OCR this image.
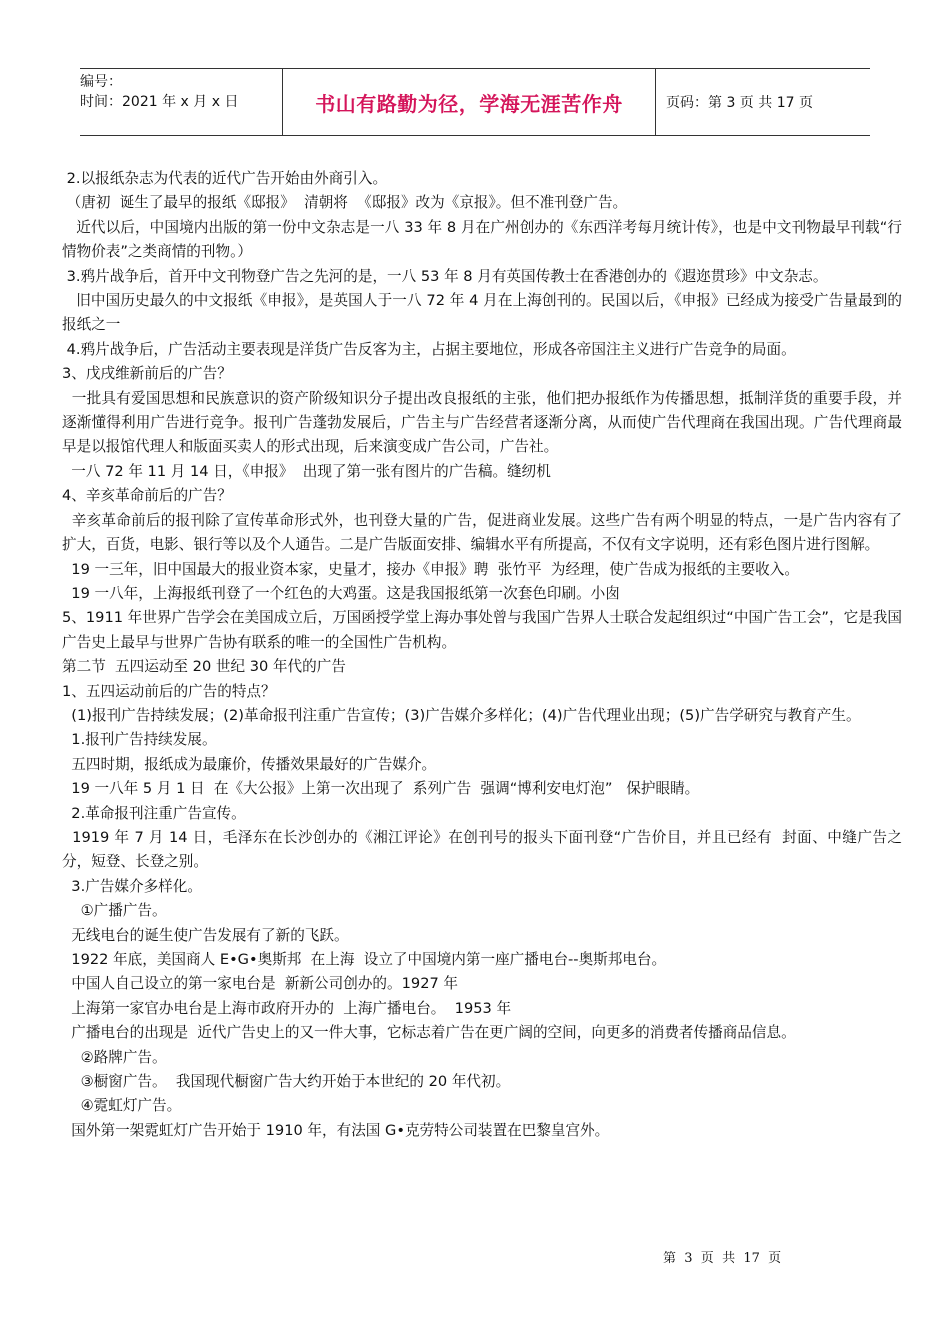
编号：
时间：2021 年 x 月 x 日	书山有路勤为径，学海无涯苦作舟	页码：第 3 页 共 17 页

2.以报纸杂志为代表的近代广告开始由外商引入。

（唐初  诞生了最早的报纸《邸报》  清朝将  《邸报》改为《京报》。但不准刊登广告。

近代以后，中国境内出版的第一份中文杂志是一八 33 年 8 月在广州创办的《东西洋考每月统计传》，也是中文刊物最早刊载“行情物价表”之类商情的刊物。）

3.鸦片战争后，首开中文刊物登广告之先河的是，一八 53 年 8 月有英国传教士在香港创办的《遐迩贯珍》中文杂志。

旧中国历史最久的中文报纸《申报》，是英国人于一八 72 年 4 月在上海创刊的。民国以后，《申报》已经成为接受广告量最到的报纸之一

4.鸦片战争后，广告活动主要表现是洋货广告反客为主，占据主要地位，形成各帝国注主义进行广告竞争的局面。

3、戊戌维新前后的广告？

一批具有爱国思想和民族意识的资产阶级知识分子提出改良报纸的主张，他们把办报纸作为传播思想，抵制洋货的重要手段，并逐渐懂得利用广告进行竞争。报刊广告蓬勃发展后，广告主与广告经营者逐渐分离，从而使广告代理商在我国出现。广告代理商最早是以报馆代理人和版面买卖人的形式出现，后来演变成广告公司，广告社。

一八 72 年 11 月 14 日，《申报》  出现了第一张有图片的广告稿。缝纫机

4、辛亥革命前后的广告？

辛亥革命前后的报刊除了宣传革命形式外，也刊登大量的广告，促进商业发展。这些广告有两个明显的特点，一是广告内容有了扩大，百货，电影、银行等以及个人通告。二是广告版面安排、编辑水平有所提高，不仅有文字说明，还有彩色图片进行图解。

19 一三年，旧中国最大的报业资本家，史量才，接办《申报》聘  张竹平  为经理，使广告成为报纸的主要收入。

19 一八年，上海报纸刊登了一个红色的大鸡蛋。这是我国报纸第一次套色印刷。小囱

5、1911 年世界广告学会在美国成立后，万国函授学堂上海办事处曾与我国广告界人士联合发起组织过“中国广告工会”，它是我国广告史上最早与世界广告协有联系的唯一的全国性广告机构。

第二节  五四运动至 20 世纪 30 年代的广告

1、五四运动前后的广告的特点？

(1)报刊广告持续发展；(2)革命报刊注重广告宣传；(3)广告媒介多样化；(4)广告代理业出现；(5)广告学研究与教育产生。

1.报刊广告持续发展。

五四时期，报纸成为最廉价，传播效果最好的广告媒介。

19 一八年 5 月 1 日  在《大公报》上第一次出现了  系列广告  强调“博利安电灯泡”   保护眼睛。

2.革命报刊注重广告宣传。

1919 年 7 月 14 日，毛泽东在长沙创办的《湘江评论》在创刊号的报头下面刊登“广告价目，并且已经有  封面、中缝广告之分，短登、长登之别。

3.广告媒介多样化。

①广播广告。

无线电台的诞生使广告发展有了新的飞跃。

1922 年底，美国商人 E•G•奥斯邦  在上海  设立了中国境内第一座广播电台--奥斯邦电台。

中国人自己设立的第一家电台是  新新公司创办的。1927 年

上海第一家官办电台是上海市政府开办的  上海广播电台。  1953 年

广播电台的出现是  近代广告史上的又一件大事，它标志着广告在更广阔的空间，向更多的消费者传播商品信息。

②路牌广告。

③橱窗广告。  我国现代橱窗广告大约开始于本世纪的 20 年代初。

④霓虹灯广告。

国外第一架霓虹灯广告开始于 1910 年，有法国 G•克劳特公司装置在巴黎皇宫外。

第  3  页  共  17  页
